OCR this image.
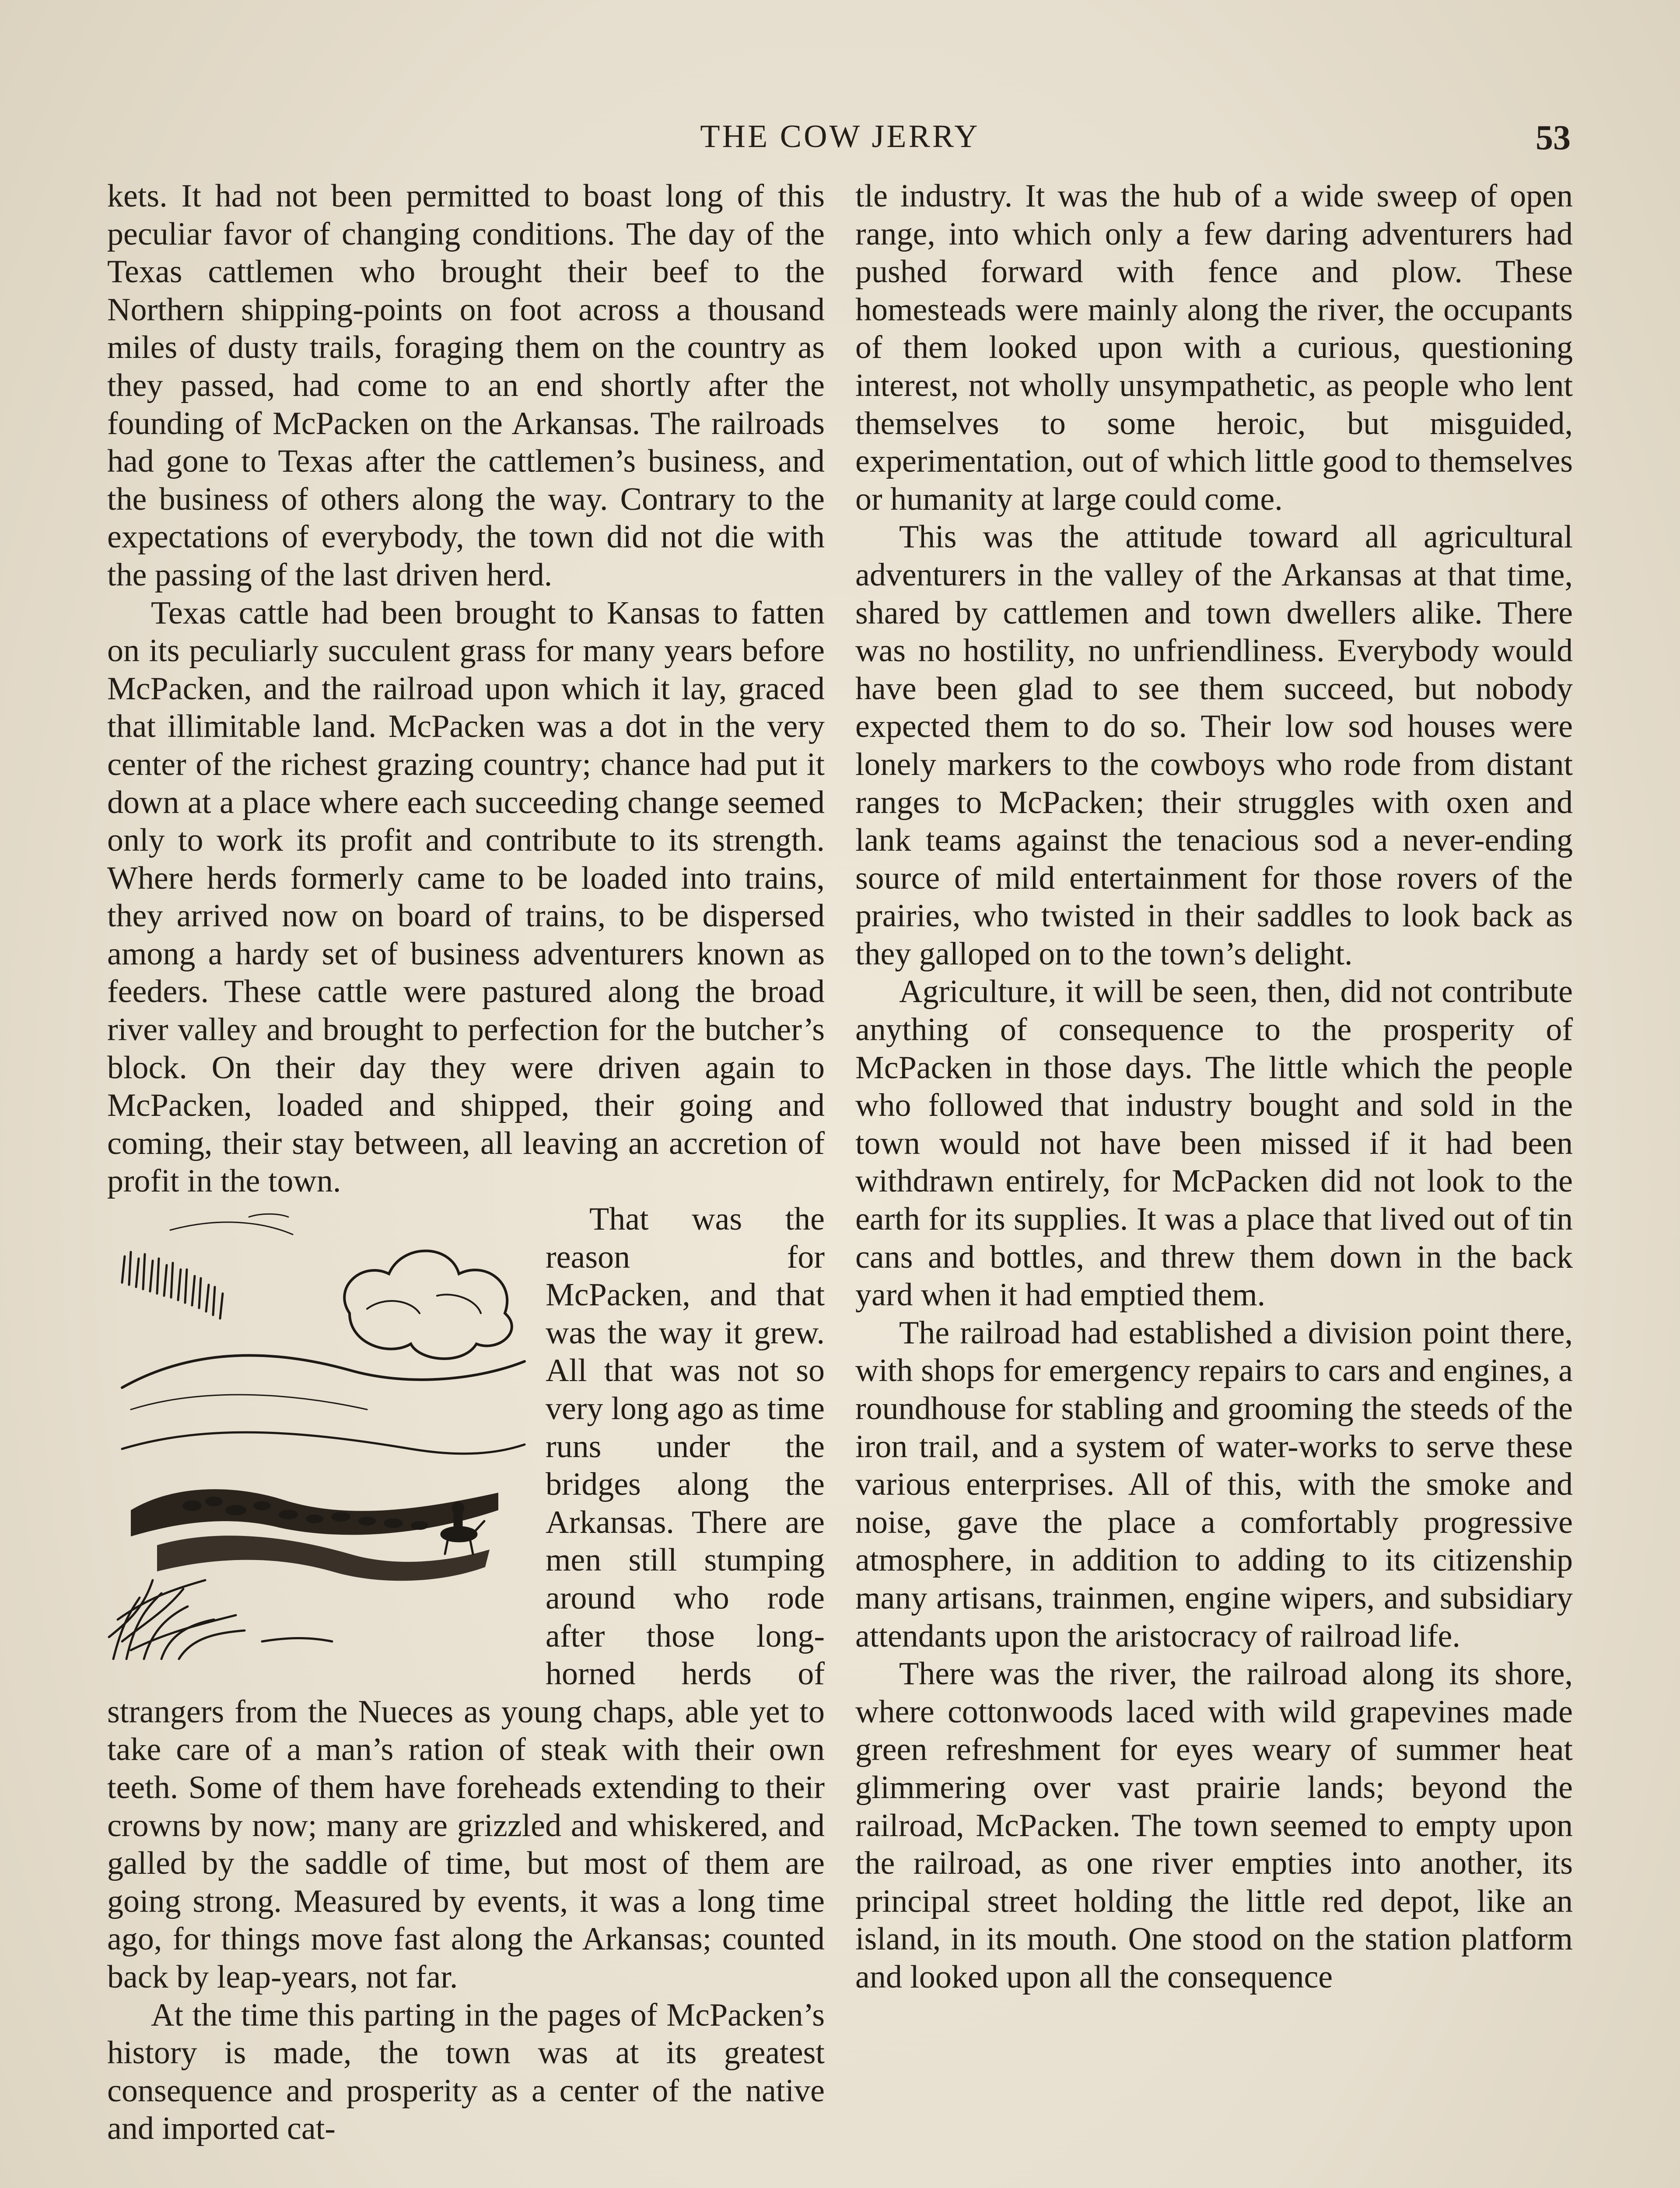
THE COW JERRY	53

kets. It had not been permitted to boast long of this peculiar favor of changing conditions. The day of the Texas cattlemen who brought their beef to the Northern shipping-points on foot across a thousand miles of dusty trails, foraging them on the country as they passed, had come to an end shortly after the founding of McPacken on the Arkansas. The railroads had gone to Texas after the cattlemen’s business, and the business of others along the way. Contrary to the expectations of everybody, the town did not die with the passing of the last driven herd.

Texas cattle had been brought to Kansas to fatten on its peculiarly succulent grass for many years before McPacken, and the railroad upon which it lay, graced that illimitable land. McPacken was a dot in the very center of the richest grazing country; chance had put it down at a place where each succeeding change seemed only to work its profit and contribute to its strength. Where herds formerly came to be loaded into trains, they arrived now on board of trains, to be dispersed among a hardy set of business adventurers known as feeders. These cattle were pastured along the broad river valley and brought to perfection for the butcher’s block. On their day they were driven again to McPacken, loaded and shipped, their going and coming, their stay between, all leaving an accretion of profit in the town.

That was the reason for McPacken, and that was the way it grew. All that was not so very long ago as time runs under the bridges along the Arkansas. There are men still stumping around who rode after those long-horned herds of strangers from the Nueces as young chaps, able yet to take care of a man’s ration of steak with their own teeth. Some of them have foreheads extending to their crowns by now; many are grizzled and whiskered, and galled by the saddle of time, but most of them are going strong. Measured by events, it was a long time ago, for things move fast along the Arkansas; counted back by leap-years, not far.

At the time this parting in the pages of McPacken’s history is made, the town was at its greatest consequence and prosperity as a center of the native and imported cat-

tle industry. It was the hub of a wide sweep of open range, into which only a few daring adventurers had pushed forward with fence and plow. These homesteads were mainly along the river, the occupants of them looked upon with a curious, questioning interest, not wholly unsympathetic, as people who lent themselves to some heroic, but misguided, experimentation, out of which little good to themselves or humanity at large could come.

This was the attitude toward all agricultural adventurers in the valley of the Arkansas at that time, shared by cattlemen and town dwellers alike. There was no hostility, no unfriendliness. Everybody would have been glad to see them succeed, but nobody expected them to do so. Their low sod houses were lonely markers to the cowboys who rode from distant ranges to McPacken; their struggles with oxen and lank teams against the tenacious sod a never-ending source of mild entertainment for those rovers of the prairies, who twisted in their saddles to look back as they galloped on to the town’s delight.

Agriculture, it will be seen, then, did not contribute anything of consequence to the prosperity of McPacken in those days. The little which the people who followed that industry bought and sold in the town would not have been missed if it had been withdrawn entirely, for McPacken did not look to the earth for its supplies. It was a place that lived out of tin cans and bottles, and threw them down in the back yard when it had emptied them.

The railroad had established a division point there, with shops for emergency repairs to cars and engines, a roundhouse for stabling and grooming the steeds of the iron trail, and a system of water-works to serve these various enterprises. All of this, with the smoke and noise, gave the place a comfortably progressive atmosphere, in addition to adding to its citizenship many artisans, trainmen, engine wipers, and subsidiary attendants upon the aristocracy of railroad life.

There was the river, the railroad along its shore, where cottonwoods laced with wild grapevines made green refreshment for eyes weary of summer heat glimmering over vast prairie lands; beyond the railroad, McPacken. The town seemed to empty upon the railroad, as one river empties into another, its principal street holding the little red depot, like an island, in its mouth. One stood on the station platform and looked upon all the consequence
